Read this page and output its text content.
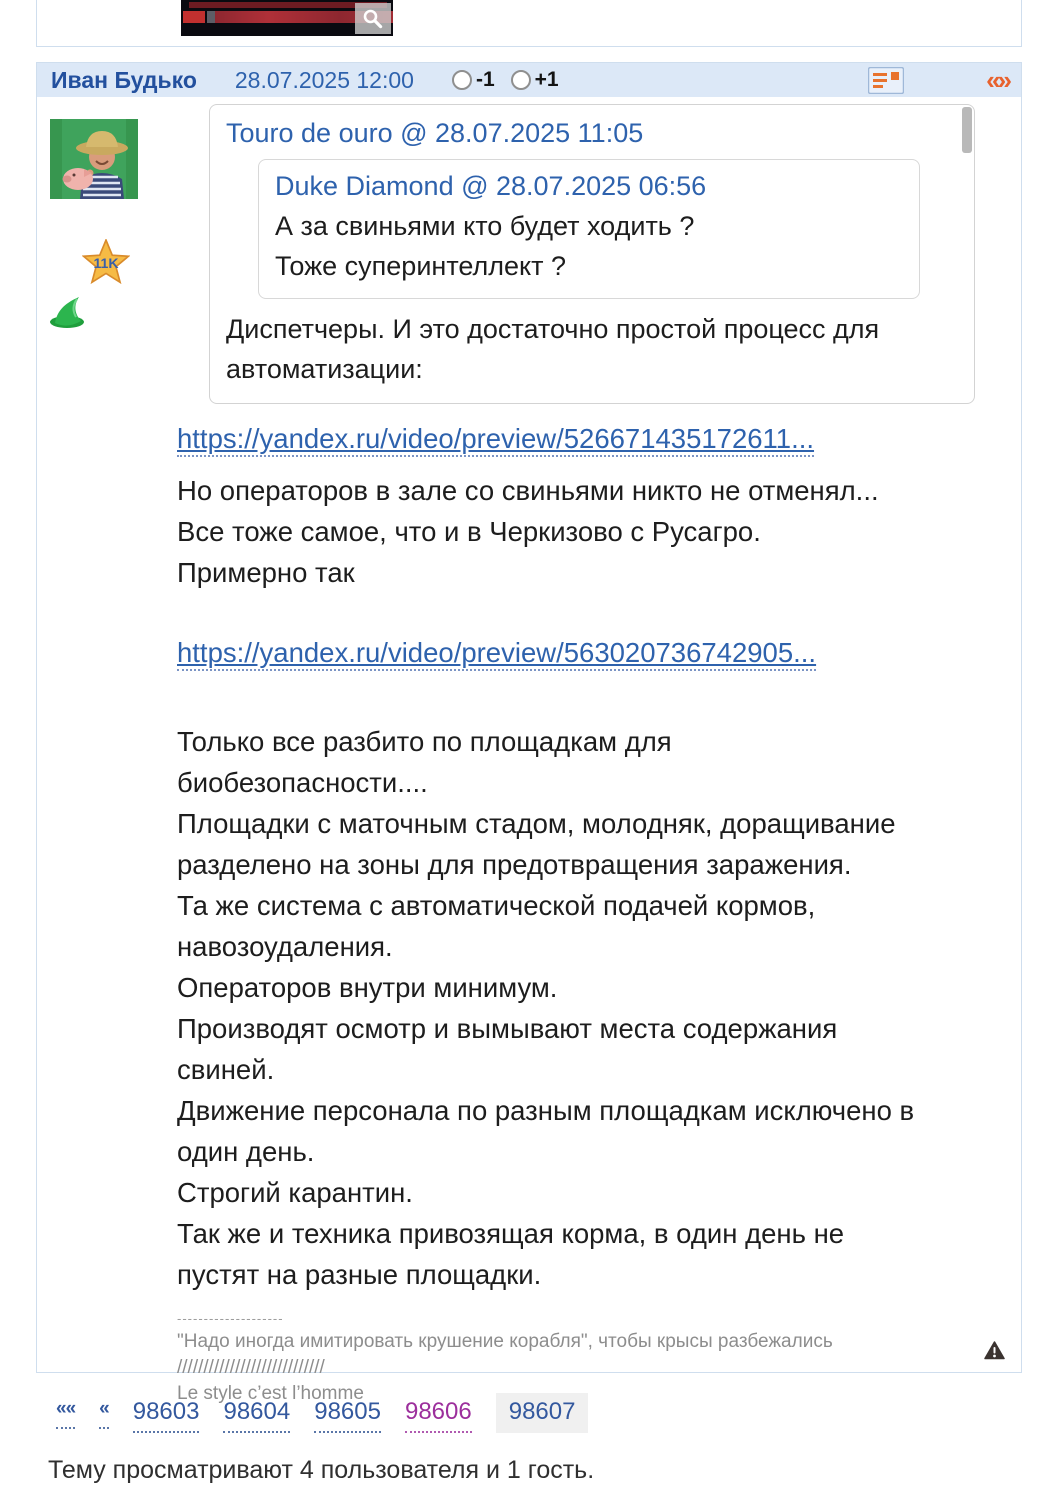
Иван Будько 28.07.2025 12:00	-1 +1	«»
11K
Touro de ouro @ 28.07.2025 11:05
Duke Diamond @ 28.07.2025 06:56
А за свиньями кто будет ходить ?
Тоже суперинтеллект ?
Диспетчеры. И это достаточно простой процесс для
автоматизации:
https://yandex.ru/video/preview/526671435172611...
Но операторов в зале со свиньями никто не отменял...
Все тоже самое, что и в Черкизово с Русагро.
Примерно так
https://yandex.ru/video/preview/563020736742905...
Только все разбито по площадкам для
биобезопасности....
Площадки с маточным стадом, молодняк, доращивание
разделено на зоны для предотвращения заражения.
Та же система с автоматической подачей кормов,
навозоудаления.
Операторов внутри минимум.
Производят осмотр и вымывают места содержания
свиней.
Движение персонала по разным площадкам исключено в
один день.
Строгий карантин.
Так же и техника привозящая корма, в один день не
пустят на разные площадки.
--------------------
"Надо иногда имитировать крушение корабля", чтобы крысы разбежались
////////////////////////////
Le style c’est l’homme
«« « 98603 98604 98605 98606	98607
Тему просматривают 4 пользователя и 1 гость.
